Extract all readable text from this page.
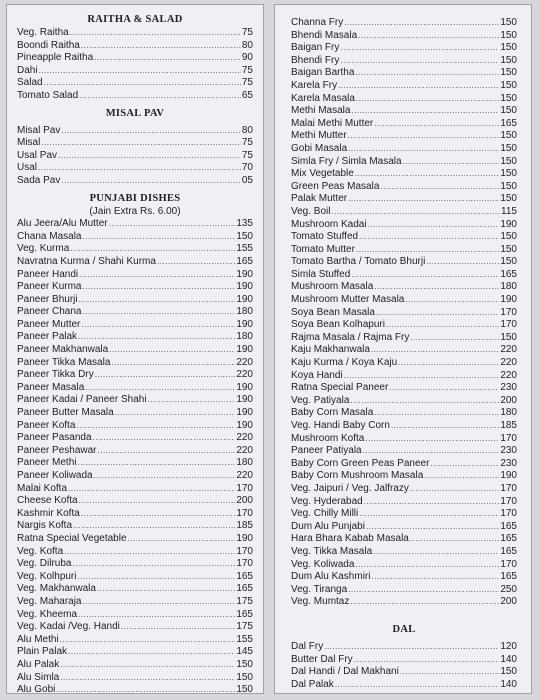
RAITHA & SALAD
Veg. Raitha .....	75
Boondi Raitha .....	80
Pineapple Raitha .....	90
Dahi .....	75
Salad .....	75
Tomato Salad .....	65
MISAL PAV
Misal Pav .....	80
Misal .....	75
Usal Pav .....	75
Usal .....	70
Sada Pav .....	05
PUNJABI DISHES
(Jain Extra Rs. 6.00)
Alu Jeera/Alu Mutter .....	135
Chana Masala .....	150
Veg. Kurma .....	155
Navratna Kurma / Shahi Kurma .....	165
Paneer Handi .....	190
Paneer Kurma .....	190
Paneer Bhurji .....	190
Paneer Chana .....	180
Paneer Mutter .....	190
Paneer Palak .....	180
Paneer Makhanwala .....	190
Paneer Tikka Masala .....	220
Paneer Tikka Dry .....	220
Paneer Masala .....	190
Paneer Kadai / Paneer Shahi .....	190
Paneer Butter Masala .....	190
Paneer Kofta .....	190
Paneer Pasanda .....	220
Paneer Peshawar .....	220
Paneer Methi .....	180
Paneer Koliwada .....	220
Malai Kofta .....	170
Cheese Kofta .....	200
Kashmir Kofta .....	170
Nargis Kofta .....	185
Ratna Special Vegetable .....	190
Veg. Kofta .....	170
Veg. Dilruba .....	170
Veg. Kolhpuri .....	165
Veg. Makhanwala .....	165
Veg. Maharaja .....	175
Veg. Kheema .....	165
Veg. Kadai /Veg. Handi .....	175
Alu Methi .....	155
Plain Palak .....	145
Alu Palak .....	150
Alu Simla .....	150
Alu Gobi .....	150
Channa Fry .....	150
Bhendi Masala .....	150
Baigan Fry .....	150
Bhendi Fry .....	150
Baigan Bartha .....	150
Karela Fry .....	150
Karela Masala .....	150
Methi Masala .....	150
Malai Methi Mutter .....	165
Methi Mutter .....	150
Gobi Masala .....	150
Simla Fry / Simla Masala .....	150
Mix Vegetable .....	150
Green Peas Masala .....	150
Palak Mutter .....	150
Veg. Boil .....	115
Mushroom Kadai .....	190
Tomato Stuffed .....	150
Tomato Mutter .....	150
Tomato Bartha / Tomato Bhurji .....	150
Simla Stuffed .....	165
Mushroom Masala .....	180
Mushroom Mutter Masala .....	190
Soya Bean Masala .....	170
Soya Bean Kolhapuri .....	170
Rajma Masala / Rajma Fry .....	150
Kaju Makhanwala .....	220
Kaju Kurma / Koya Kaju .....	220
Koya Handi .....	220
Ratna Special Paneer .....	230
Veg. Patiyala .....	200
Baby Corn Masala .....	180
Veg. Handi Baby Corn .....	185
Mushroom Kofta .....	170
Paneer Patiyala .....	230
Baby Corn Green Peas Paneer .....	230
Baby Corn Mushroom Masala .....	190
Veg. Jaipuri / Veg. Jalfrazy .....	170
Veg. Hyderabad .....	170
Veg. Chilly Milli .....	170
Dum Alu Punjabi .....	165
Hara Bhara Kabab Masala .....	165
Veg. Tikka Masala .....	165
Veg. Koliwada .....	170
Dum Alu Kashmiri .....	165
Veg. Tiranga .....	250
Veg. Mumtaz .....	200
DAL
Dal Fry .....	120
Butter Dal Fry .....	140
Dal Handi / Dal Makhani .....	150
Dal Palak .....	140
